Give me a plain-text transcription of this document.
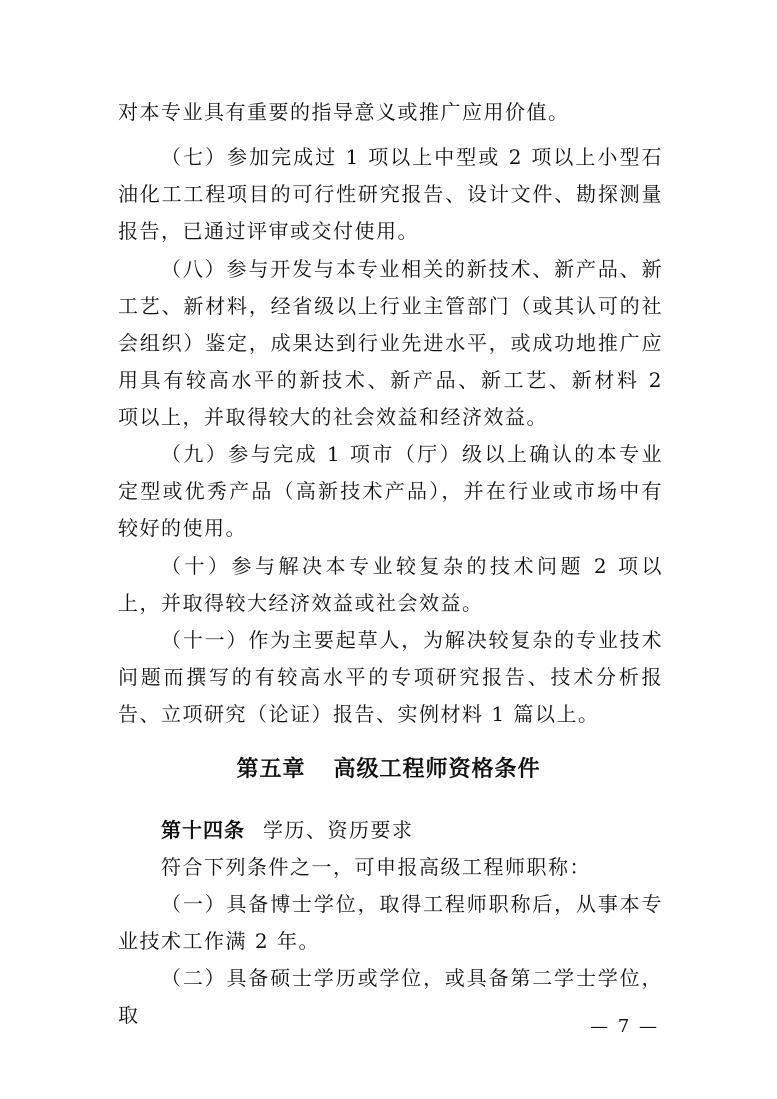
对本专业具有重要的指导意义或推广应用价值。

（七）参加完成过 1 项以上中型或 2 项以上小型石油化工工程项目的可行性研究报告、设计文件、勘探测量报告，已通过评审或交付使用。

（八）参与开发与本专业相关的新技术、新产品、新工艺、新材料，经省级以上行业主管部门（或其认可的社会组织）鉴定，成果达到行业先进水平，或成功地推广应用具有较高水平的新技术、新产品、新工艺、新材料 2 项以上，并取得较大的社会效益和经济效益。

（九）参与完成 1 项市（厅）级以上确认的本专业定型或优秀产品（高新技术产品），并在行业或市场中有较好的使用。

（十）参与解决本专业较复杂的技术问题 2 项以上，并取得较大经济效益或社会效益。

（十一）作为主要起草人，为解决较复杂的专业技术问题而撰写的有较高水平的专项研究报告、技术分析报告、立项研究（论证）报告、实例材料 1 篇以上。

第五章 高级工程师资格条件

第十四条 学历、资历要求

符合下列条件之一，可申报高级工程师职称：

（一）具备博士学位，取得工程师职称后，从事本专业技术工作满 2 年。

（二）具备硕士学历或学位，或具备第二学士学位，取	— 7 —
